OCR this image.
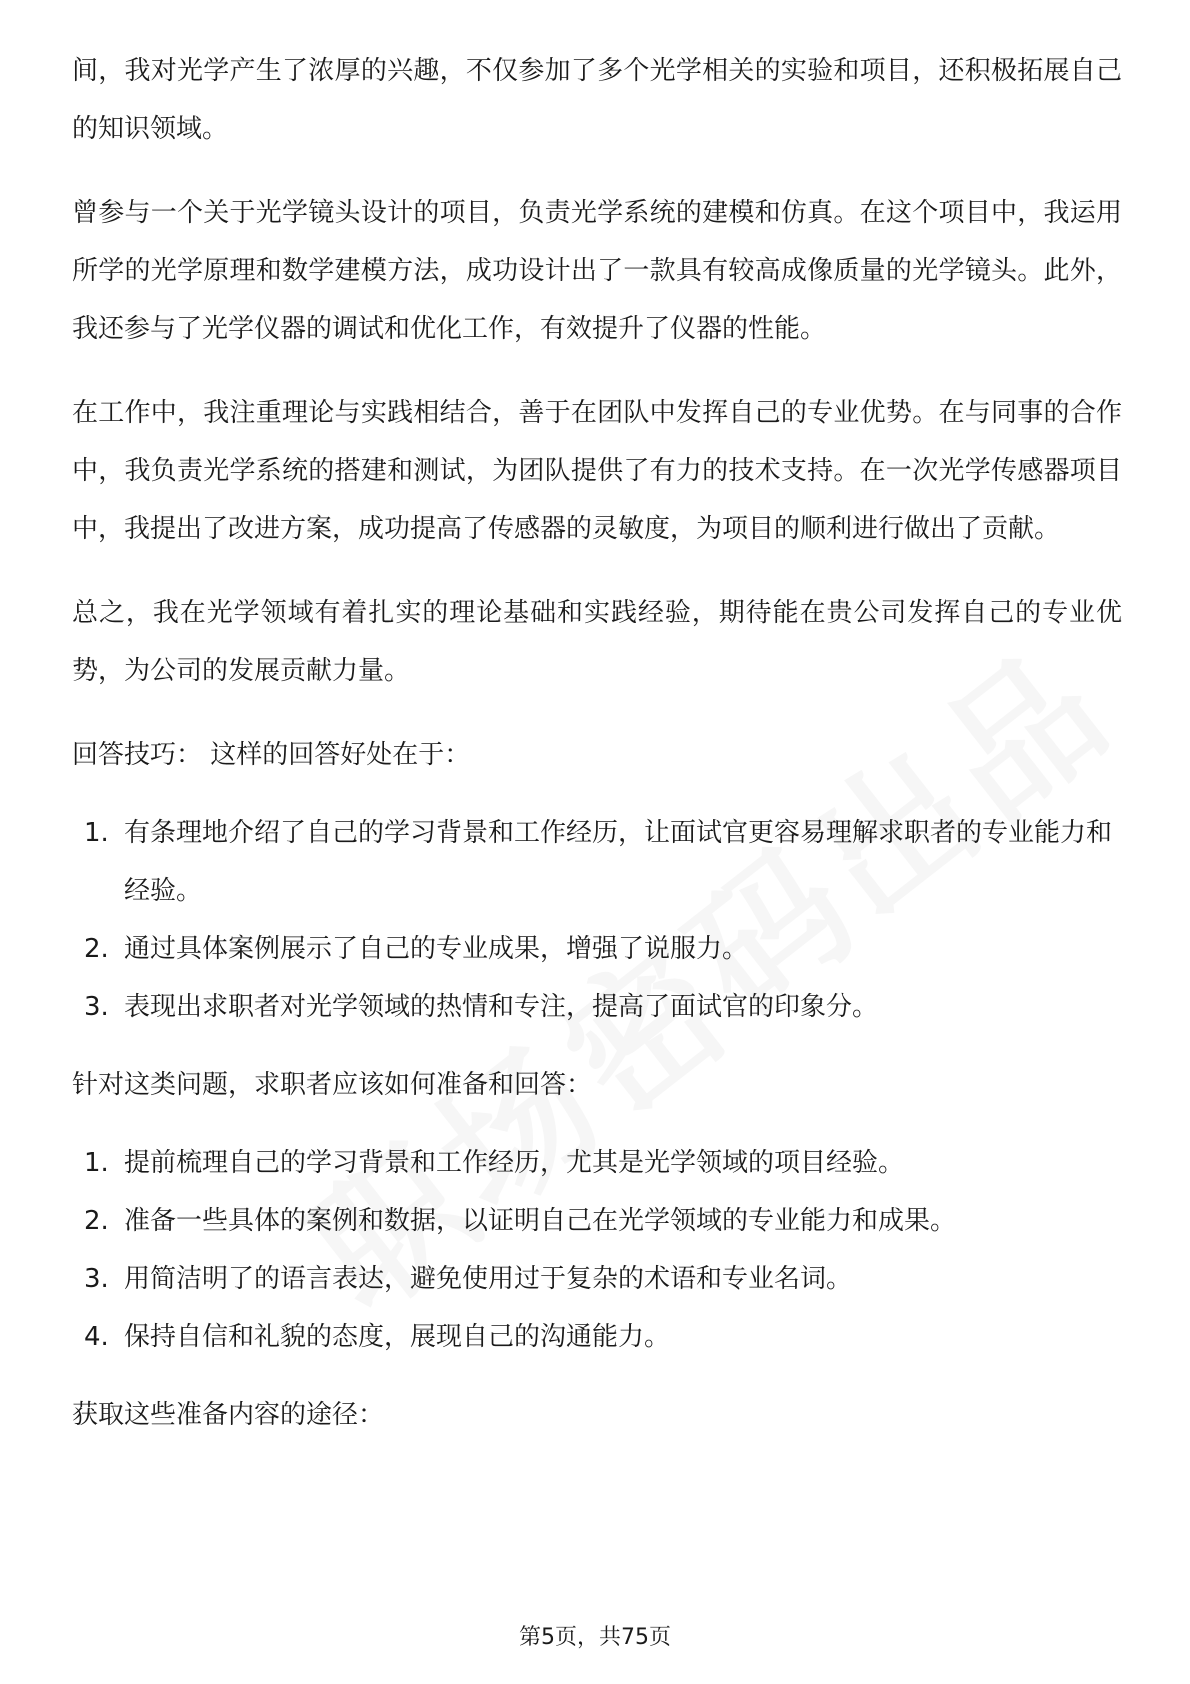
间，我对光学产生了浓厚的兴趣，不仅参加了多个光学相关的实验和项目，还积极拓展自己的知识领域。

曾参与一个关于光学镜头设计的项目，负责光学系统的建模和仿真。在这个项目中，我运用所学的光学原理和数学建模方法，成功设计出了一款具有较高成像质量的光学镜头。此外，我还参与了光学仪器的调试和优化工作，有效提升了仪器的性能。

在工作中，我注重理论与实践相结合，善于在团队中发挥自己的专业优势。在与同事的合作中，我负责光学系统的搭建和测试，为团队提供了有力的技术支持。在一次光学传感器项目中，我提出了改进方案，成功提高了传感器的灵敏度，为项目的顺利进行做出了贡献。

总之，我在光学领域有着扎实的理论基础和实践经验，期待能在贵公司发挥自己的专业优势，为公司的发展贡献力量。

回答技巧： 这样的回答好处在于：

1. 有条理地介绍了自己的学习背景和工作经历，让面试官更容易理解求职者的专业能力和经验。
2. 通过具体案例展示了自己的专业成果，增强了说服力。
3. 表现出求职者对光学领域的热情和专注，提高了面试官的印象分。

针对这类问题，求职者应该如何准备和回答：

1. 提前梳理自己的学习背景和工作经历，尤其是光学领域的项目经验。
2. 准备一些具体的案例和数据，以证明自己在光学领域的专业能力和成果。
3. 用简洁明了的语言表达，避免使用过于复杂的术语和专业名词。
4. 保持自信和礼貌的态度，展现自己的沟通能力。

获取这些准备内容的途径：

第5页，共75页
